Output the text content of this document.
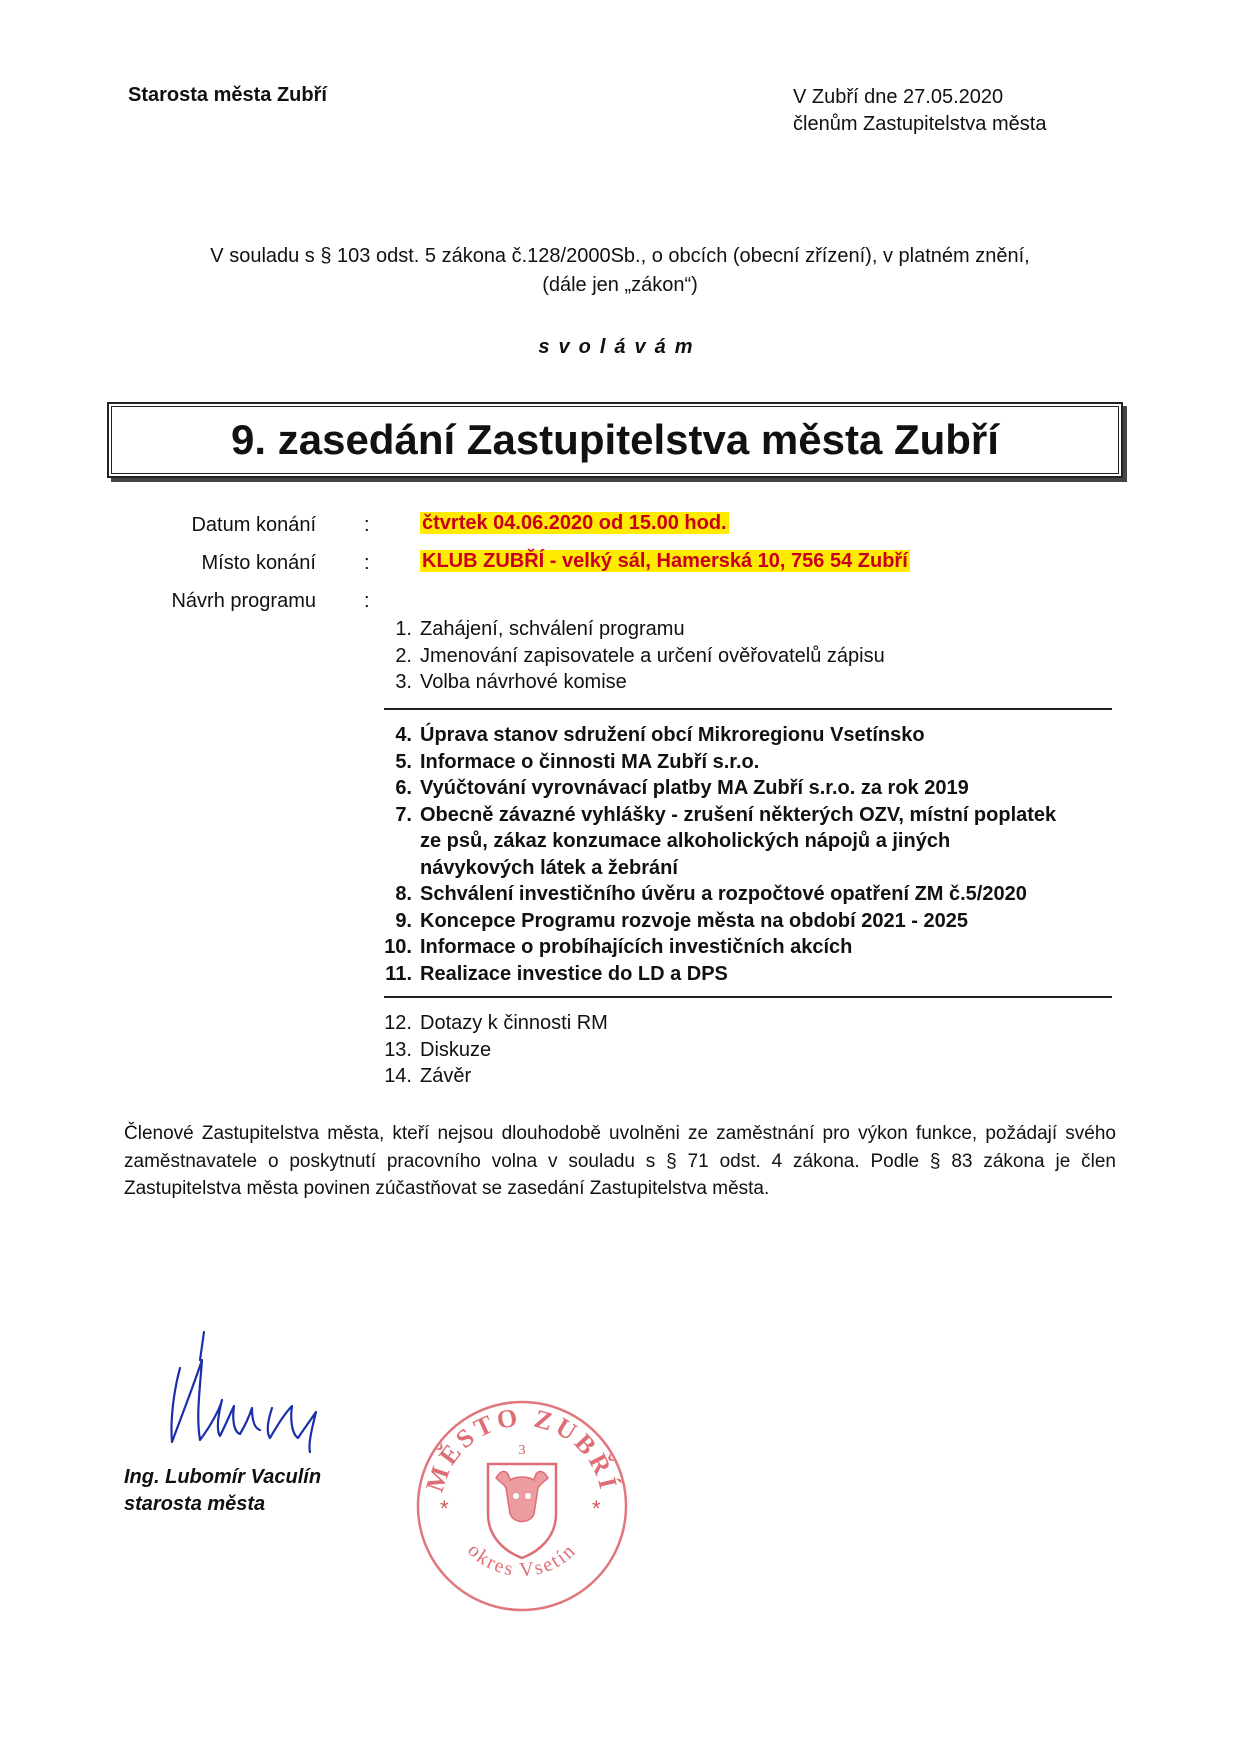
Starosta města Zubří	V Zubří dne 27.05.2020
členům Zastupitelstva města
V souladu s § 103 odst. 5 zákona č.128/2000Sb., o obcích (obecní zřízení), v platném znění,
(dále jen „zákon“)
svolávám
9. zasedání Zastupitelstva města Zubří
Datum konání :	čtvrtek 04.06.2020 od 15.00 hod.
Místo konání :	KLUB ZUBŘÍ - velký sál, Hamerská 10, 756 54 Zubří
Návrh programu :
1. Zahájení, schválení programu
2. Jmenování zapisovatele a určení ověřovatelů zápisu
3. Volba návrhové komise
4. Úprava stanov sdružení obcí Mikroregionu Vsetínsko
5. Informace o činnosti MA Zubří s.r.o.
6. Vyúčtování vyrovnávací platby MA Zubří s.r.o. za rok 2019
7. Obecně závazné vyhlášky - zrušení některých OZV, místní poplatek ze psů, zákaz konzumace alkoholických nápojů a jiných návykových látek a žebrání
8. Schválení investičního úvěru a rozpočtové opatření ZM č.5/2020
9. Koncepce Programu rozvoje města na období 2021 - 2025
10. Informace o probíhajících investičních akcích
11. Realizace investice do LD a DPS
12. Dotazy k činnosti RM
13. Diskuze
14. Závěr
Členové Zastupitelstva města, kteří nejsou dlouhodobě uvolněni ze zaměstnání pro výkon funkce, požádají svého zaměstnavatele o poskytnutí pracovního volna v souladu s § 71 odst. 4 zákona. Podle § 83 zákona je člen Zastupitelstva města povinen zúčastňovat se zasedání Zastupitelstva města.
Ing. Lubomír Vaculín
starosta města
MĚSTO ZUBŘÍ
okres Vsetín
3
*	*
